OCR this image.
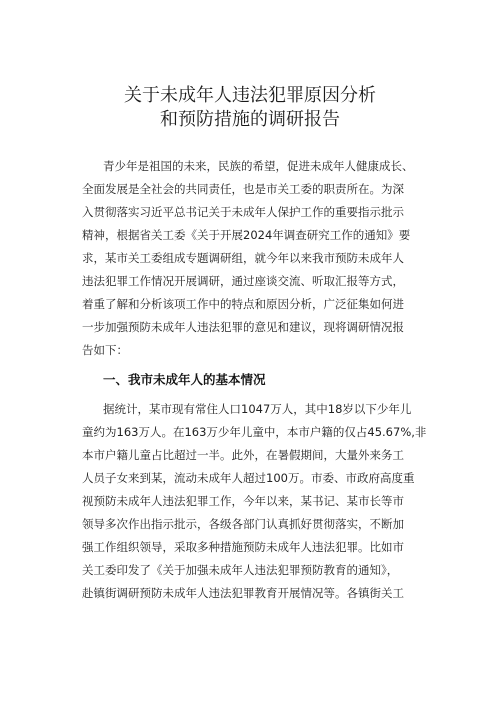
关于未成年人违法犯罪原因分析
和预防措施的调研报告
青少年是祖国的未来，民族的希望，促进未成年人健康成长、
全面发展是全社会的共同责任，也是市关工委的职责所在。为深
入贯彻落实习近平总书记关于未成年人保护工作的重要指示批示
精神，根据省关工委《关于开展2024年调查研究工作的通知》要
求，某市关工委组成专题调研组，就今年以来我市预防未成年人
违法犯罪工作情况开展调研，通过座谈交流、听取汇报等方式，
着重了解和分析该项工作中的特点和原因分析，广泛征集如何进
一步加强预防未成年人违法犯罪的意见和建议，现将调研情况报
告如下：
一、我市未成年人的基本情况
据统计，某市现有常住人口1047万人，其中18岁以下少年儿
童约为163万人。在163万少年儿童中，本市户籍的仅占45.67%,非
本市户籍儿童占比超过一半。此外，在暑假期间，大量外来务工
人员子女来到某，流动未成年人超过100万。市委、市政府高度重
视预防未成年人违法犯罪工作，今年以来，某书记、某市长等市
领导多次作出指示批示，各级各部门认真抓好贯彻落实，不断加
强工作组织领导，采取多种措施预防未成年人违法犯罪。比如市
关工委印发了《关于加强未成年人违法犯罪预防教育的通知》，
赴镇街调研预防未成年人违法犯罪教育开展情况等。各镇街关工
